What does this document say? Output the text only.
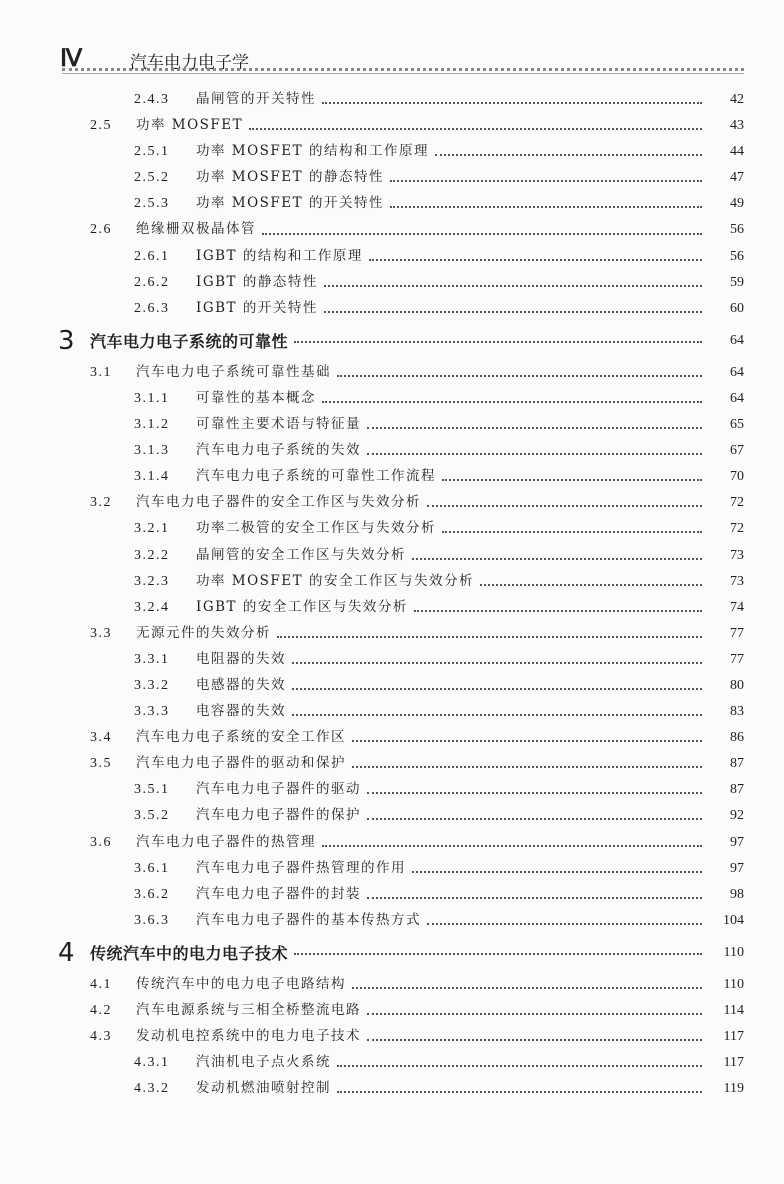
Ⅳ	汽车电力电子学
2.4.3	晶闸管的开关特性	42
2.5	功率 MOSFET	43
2.5.1	功率 MOSFET 的结构和工作原理	44
2.5.2	功率 MOSFET 的静态特性	47
2.5.3	功率 MOSFET 的开关特性	49
2.6	绝缘栅双极晶体管	56
2.6.1	IGBT 的结构和工作原理	56
2.6.2	IGBT 的静态特性	59
2.6.3	IGBT 的开关特性	60
3 汽车电力电子系统的可靠性	64
3.1	汽车电力电子系统可靠性基础	64
3.1.1	可靠性的基本概念	64
3.1.2	可靠性主要术语与特征量	65
3.1.3	汽车电力电子系统的失效	67
3.1.4	汽车电力电子系统的可靠性工作流程	70
3.2	汽车电力电子器件的安全工作区与失效分析	72
3.2.1	功率二极管的安全工作区与失效分析	72
3.2.2	晶闸管的安全工作区与失效分析	73
3.2.3	功率 MOSFET 的安全工作区与失效分析	73
3.2.4	IGBT 的安全工作区与失效分析	74
3.3	无源元件的失效分析	77
3.3.1	电阻器的失效	77
3.3.2	电感器的失效	80
3.3.3	电容器的失效	83
3.4	汽车电力电子系统的安全工作区	86
3.5	汽车电力电子器件的驱动和保护	87
3.5.1	汽车电力电子器件的驱动	87
3.5.2	汽车电力电子器件的保护	92
3.6	汽车电力电子器件的热管理	97
3.6.1	汽车电力电子器件热管理的作用	97
3.6.2	汽车电力电子器件的封装	98
3.6.3	汽车电力电子器件的基本传热方式	104
4 传统汽车中的电力电子技术	110
4.1	传统汽车中的电力电子电路结构	110
4.2	汽车电源系统与三相全桥整流电路	114
4.3	发动机电控系统中的电力电子技术	117
4.3.1	汽油机电子点火系统	117
4.3.2	发动机燃油喷射控制	119
